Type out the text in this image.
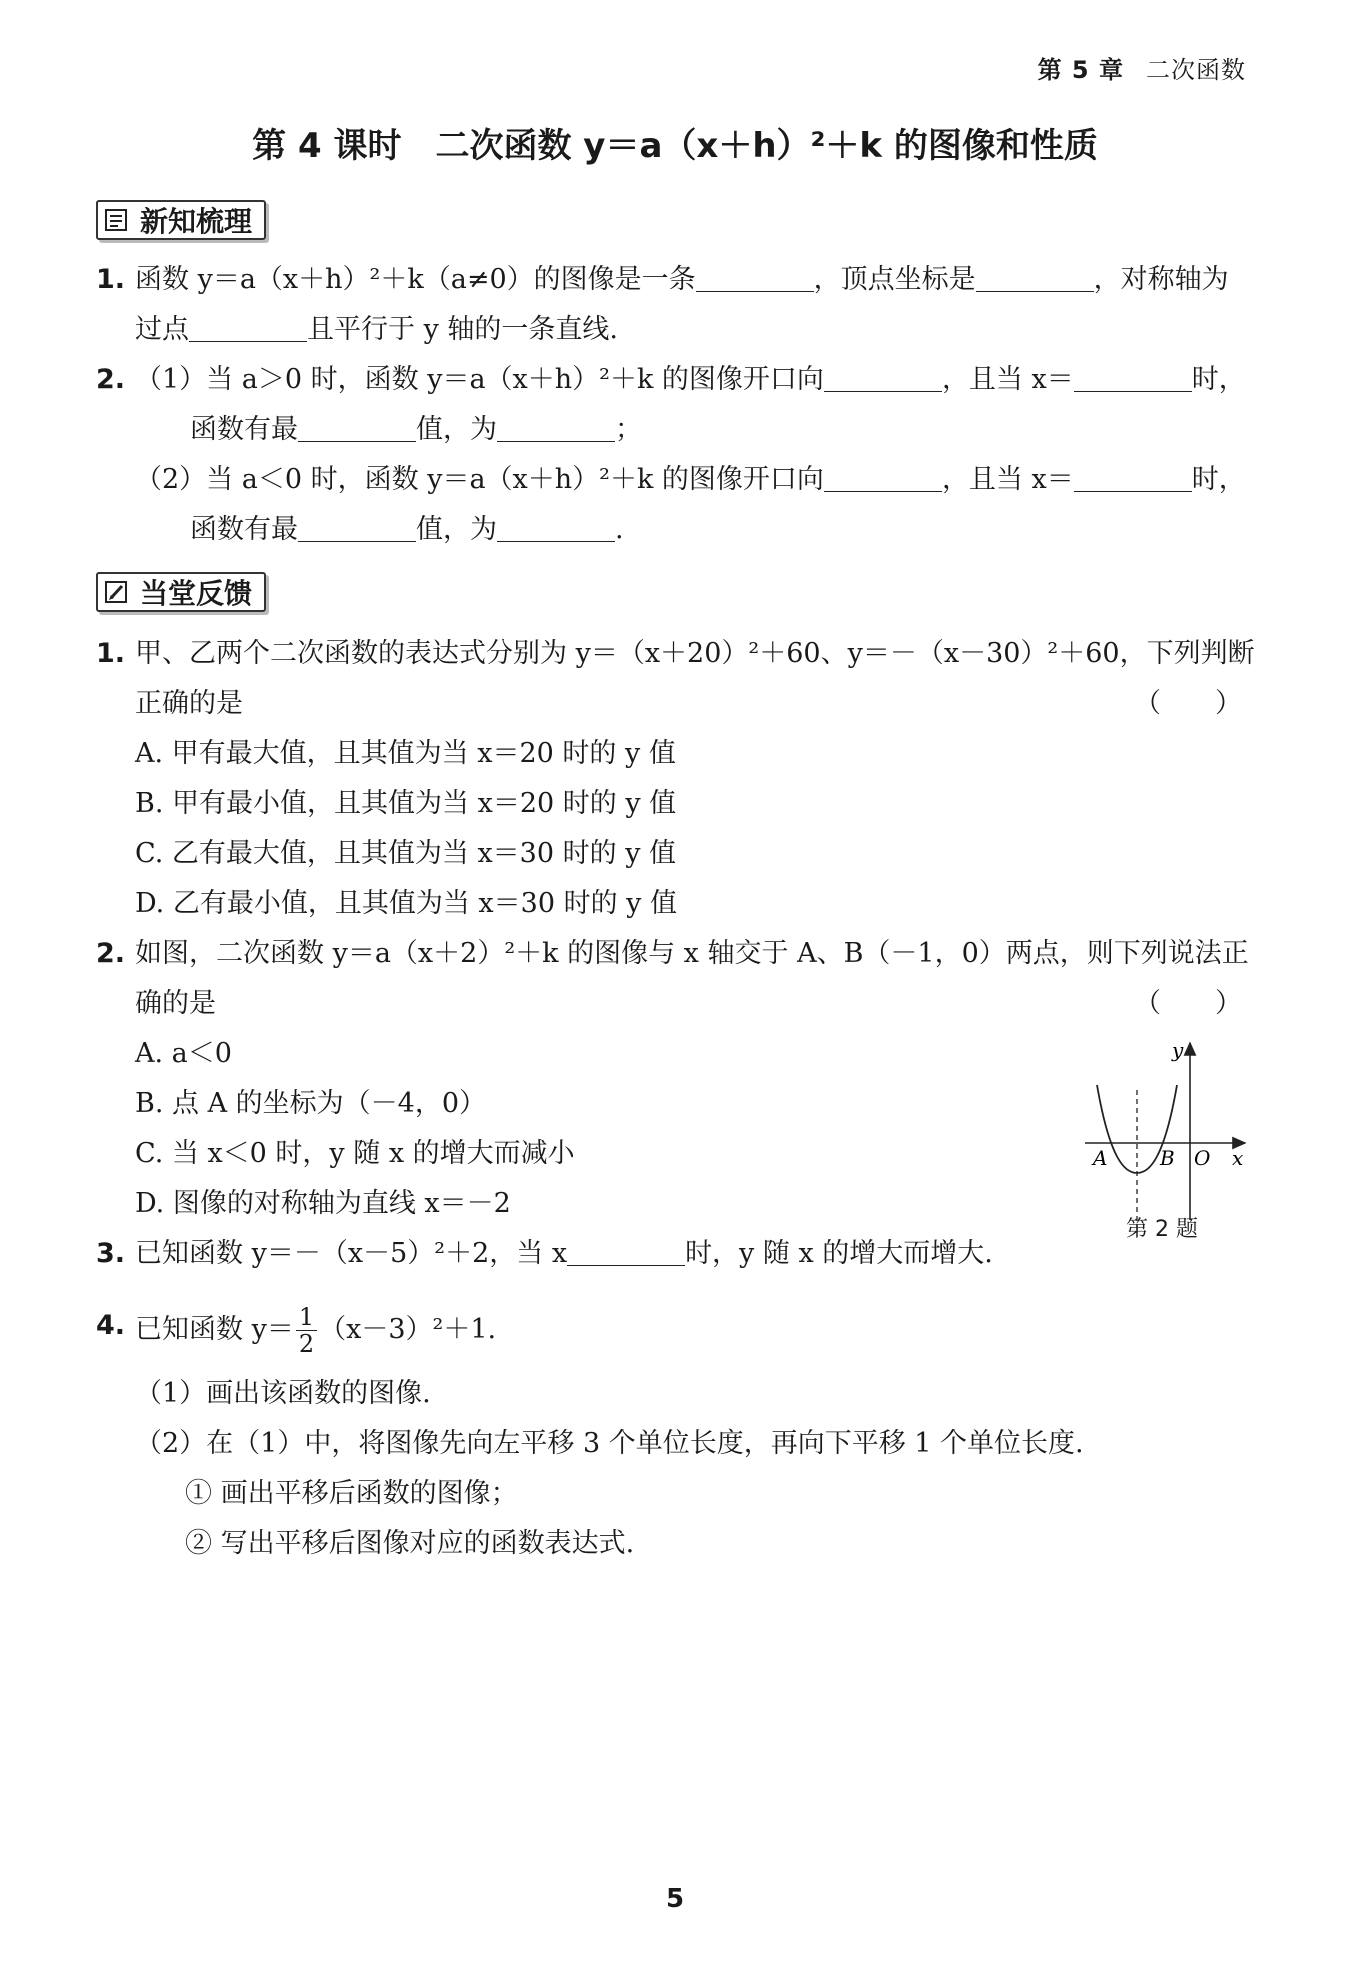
第 5 章 二次函数
第 4 课时 二次函数 y＝a（x＋h）²＋k 的图像和性质
新知梳理
1. 函数 y＝a（x＋h）²＋k（a≠0）的图像是一条	，顶点坐标是	，对称轴为
过点	且平行于 y 轴的一条直线.
2. （1）当 a＞0 时，函数 y＝a（x＋h）²＋k 的图像开口向	，且当 x＝	时，
函数有最	值，为	；
（2）当 a＜0 时，函数 y＝a（x＋h）²＋k 的图像开口向	，且当 x＝	时，
函数有最	值，为	.
当堂反馈
1. 甲、乙两个二次函数的表达式分别为 y＝（x＋20）²＋60、y＝－（x－30）²＋60，下列判断
正确的是	（　　）
A. 甲有最大值，且其值为当 x＝20 时的 y 值
B. 甲有最小值，且其值为当 x＝20 时的 y 值
C. 乙有最大值，且其值为当 x＝30 时的 y 值
D. 乙有最小值，且其值为当 x＝30 时的 y 值
2. 如图，二次函数 y＝a（x＋2）²＋k 的图像与 x 轴交于 A、B（－1，0）两点，则下列说法正
确的是	（　　）
A. a＜0
B. 点 A 的坐标为（－4，0）
C. 当 x＜0 时，y 随 x 的增大而减小
D. 图像的对称轴为直线 x＝－2
A	B O x
y
第 2 题
3. 已知函数 y＝－（x－5）²＋2，当 x	时，y 随 x 的增大而增大.
4. 已知函数 $y= \frac{1}{2} (x-3)^2+1$.
（1）画出该函数的图像.
（2）在（1）中，将图像先向左平移 3 个单位长度，再向下平移 1 个单位长度.
① 画出平移后函数的图像；
② 写出平移后图像对应的函数表达式.
5
